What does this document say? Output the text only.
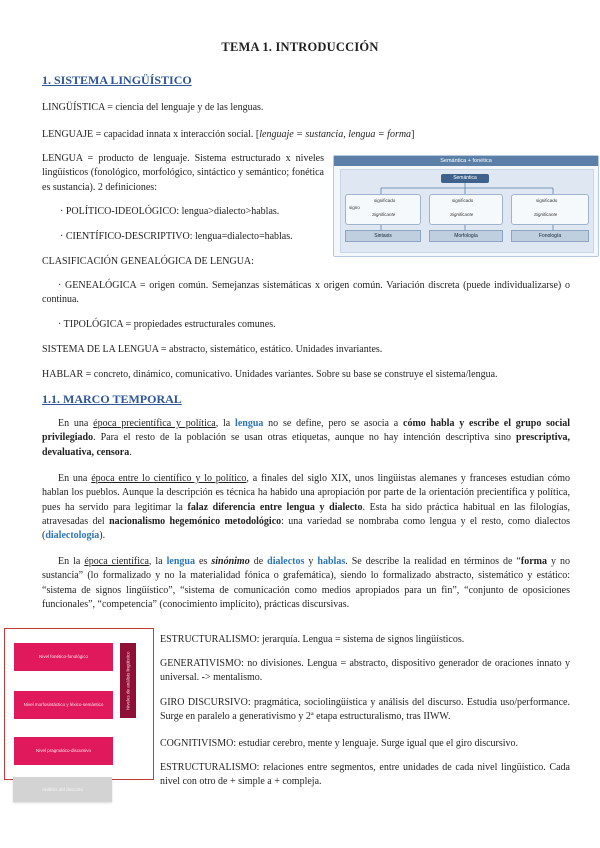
TEMA 1. INTRODUCCIÓN
1. SISTEMA LINGÜÍSTICO
LINGÜÍSTICA = ciencia del lenguaje y de las lenguas.
LENGUAJE = capacidad innata x interacción social. [lenguaje = sustancia, lengua = forma]
LENGUA = producto de lenguaje. Sistema estructurado x niveles lingüísticos (fonológico, morfológico, sintáctico y semántico; fonética es sustancia). 2 definiciones:
· POLÍTICO-IDEOLÓGICO: lengua>dialecto>hablas.
· CIENTÍFICO-DESCRIPTIVO: lengua=dialecto=hablas.
CLASIFICACIÓN GENEALÓGICA DE LENGUA:
· GENEALÓGICA = origen común. Semejanzas sistemáticas x origen común. Variación discreta (puede individualizarse) o continua.
· TIPOLÓGICA = propiedades estructurales comunes.
SISTEMA DE LA LENGUA = abstracto, sistemático, estático. Unidades invariantes.
HABLAR = concreto, dinámico, comunicativo. Unidades variantes. Sobre su base se construye el sistema/lengua.
Semántica + fonética
Semántica
signo
significado
Significante
significado
Significante
significado
Significante
Sintaxis	Morfología	Fonología
1.1. MARCO TEMPORAL
En una época precientífica y política, la lengua no se define, pero se asocia a cómo habla y escribe el grupo social privilegiado. Para el resto de la población se usan otras etiquetas, aunque no hay intención descriptiva sino prescriptiva, devaluativa, censora.
En una época entre lo científico y lo político, a finales del siglo XIX, unos lingüistas alemanes y franceses estudian cómo hablan los pueblos. Aunque la descripción es técnica ha habido una apropiación por parte de la orientación precientífica y política, pues ha servido para legitimar la falaz diferencia entre lengua y dialecto. Esta ha sido práctica habitual en las filologías, atravesadas del nacionalismo hegemónico metodológico: una variedad se nombraba como lengua y el resto, como dialectos (dialectología).
En la época científica, la lengua es sinónimo de dialectos y hablas. Se describe la realidad en términos de “forma y no sustancia” (lo formalizado y no la materialidad fónica o grafemática), siendo lo formalizado abstracto, sistemático y estático: “sistema de signos lingüístico”, “sistema de comunicación como medios apropiados para un fin”, “conjunto de oposiciones funcionales”, “competencia” (conocimiento implícito), prácticas discursivas.
Nivel fonético-fonológico
Nivel morfosintáctico y léxico-semántico
Nivel pragmático-discursivo
Niveles de análisis lingüístico
Análisis del discurso
ESTRUCTURALISMO: jerarquía. Lengua = sistema de signos lingüísticos.
GENERATIVISMO: no divisiones. Lengua = abstracto, dispositivo generador de oraciones innato y universal. -> mentalismo.
GIRO DISCURSIVO: pragmática, sociolingüística y análisis del discurso. Estudia uso/performance. Surge en paralelo a generativismo y 2ª etapa estructuralismo, tras IIWW.
COGNITIVISMO: estudiar cerebro, mente y lenguaje. Surge igual que el giro discursivo.
ESTRUCTURALISMO: relaciones entre segmentos, entre unidades de cada nivel lingüístico. Cada nivel con otro de + simple a + compleja.
